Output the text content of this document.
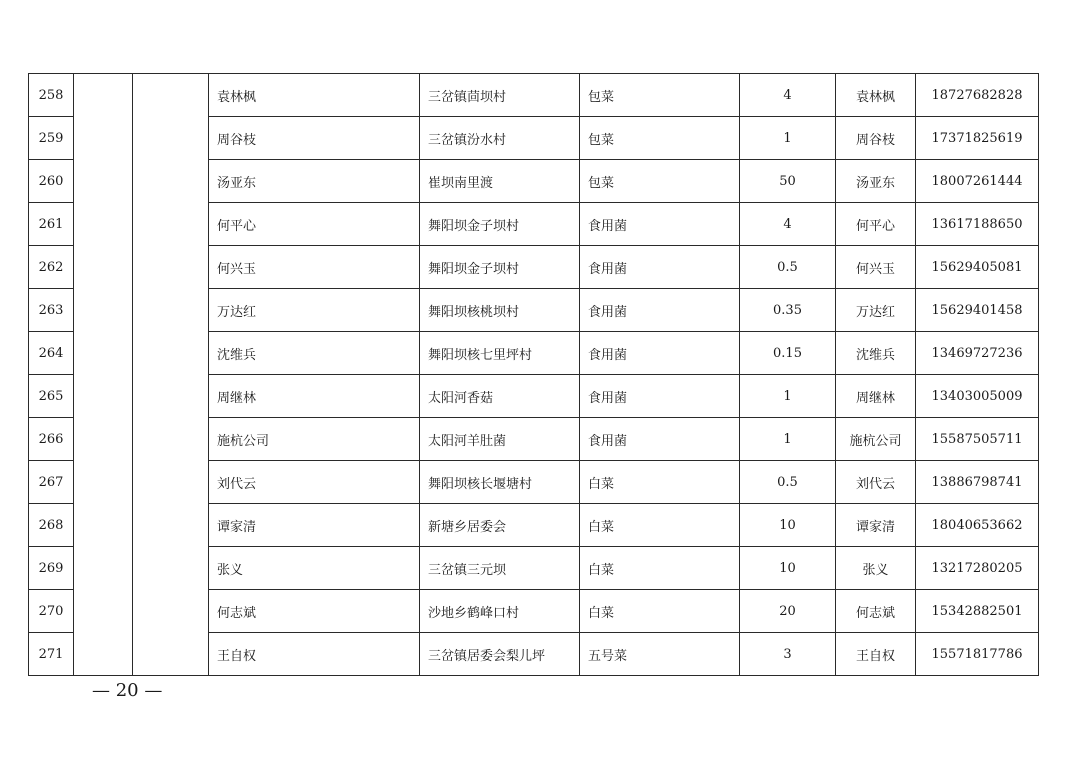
258			袁林枫	三岔镇茴坝村	包菜	4	袁林枫	18727682828
259			周谷枝	三岔镇汾水村	包菜	1	周谷枝	17371825619
260			汤亚东	崔坝南里渡	包菜	50	汤亚东	18007261444
261			何平心	舞阳坝金子坝村	食用菌	4	何平心	13617188650
262			何兴玉	舞阳坝金子坝村	食用菌	0.5	何兴玉	15629405081
263			万达红	舞阳坝核桃坝村	食用菌	0.35	万达红	15629401458
264			沈维兵	舞阳坝核七里坪村	食用菌	0.15	沈维兵	13469727236
265			周继林	太阳河香菇	食用菌	1	周继林	13403005009
266			施杭公司	太阳河羊肚菌	食用菌	1	施杭公司	15587505711
267			刘代云	舞阳坝核长堰塘村	白菜	0.5	刘代云	13886798741
268			谭家清	新塘乡居委会	白菜	10	谭家清	18040653662
269			张义	三岔镇三元坝	白菜	10	张义	13217280205
270			何志斌	沙地乡鹤峰口村	白菜	20	何志斌	15342882501
271			王自权	三岔镇居委会梨儿坪	五号菜	3	王自权	15571817786
— 20 —
